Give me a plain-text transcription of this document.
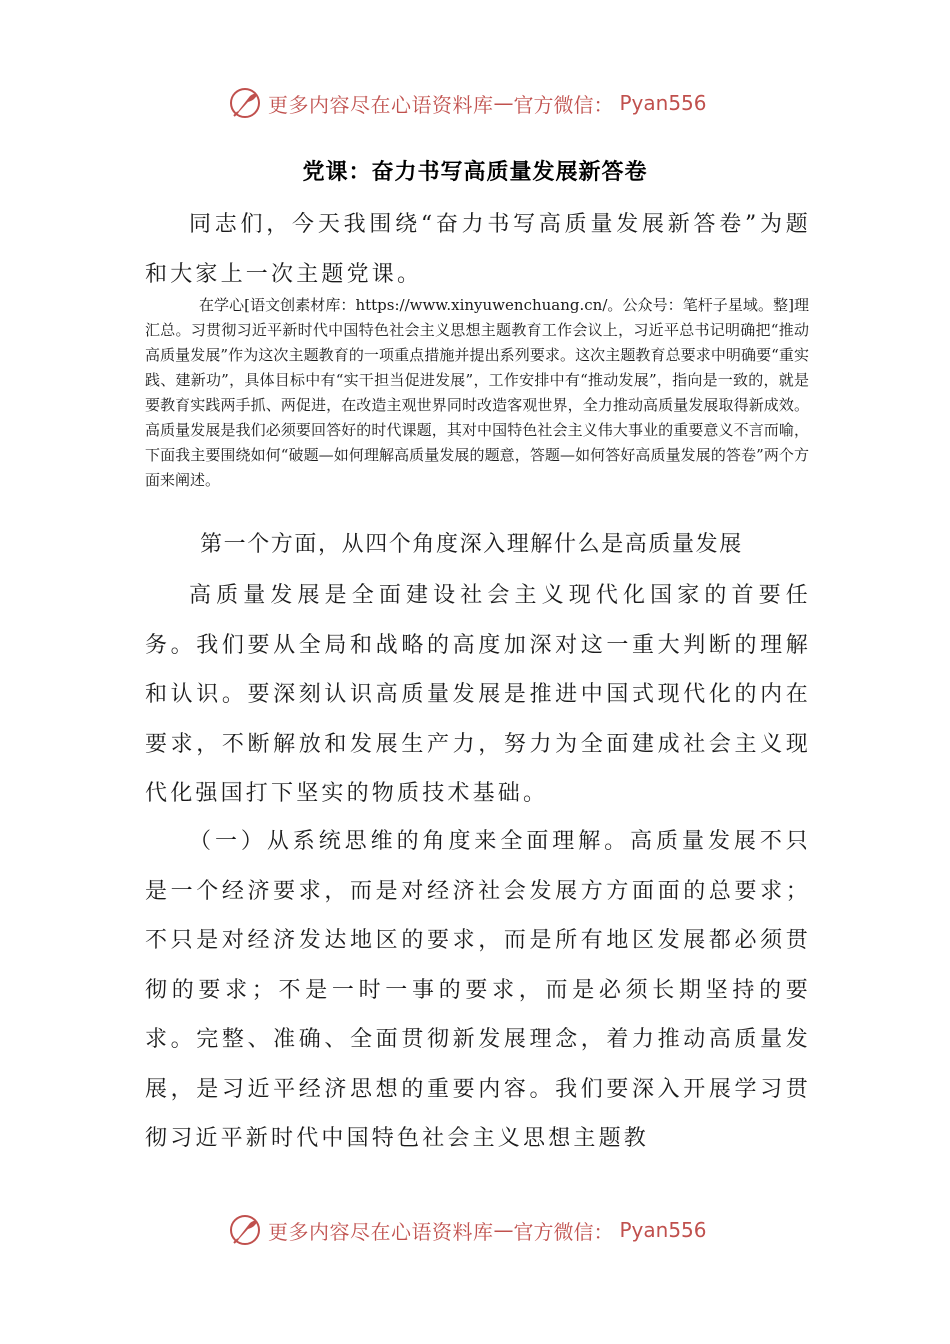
更多内容尽在心语资料库 — 官方微信： Pyan556
党课：奋力书写高质量发展新答卷

同志们，今天我围绕“奋力书写高质量发展新答卷”为题和大家上一次主题党课。

在学心[语文创素材库：https://www.xinyuwenchuang.cn/。公众号：笔杆子星域。整]理汇总。习贯彻习近平新时代中国特色社会主义思想主题教育工作会议上，习近平总书记明确把“推动高质量发展”作为这次主题教育的一项重点措施并提出系列要求。这次主题教育总要求中明确要“重实践、建新功”，具体目标中有“实干担当促进发展”，工作安排中有“推动发展”，指向是一致的，就是要教育实践两手抓、两促进，在改造主观世界同时改造客观世界，全力推动高质量发展取得新成效。高质量发展是我们必须要回答好的时代课题，其对中国特色社会主义伟大事业的重要意义不言而喻，下面我主要围绕如何“破题—如何理解高质量发展的题意，答题—如何答好高质量发展的答卷”两个方面来阐述。

第一个方面，从四个角度深入理解什么是高质量发展

高质量发展是全面建设社会主义现代化国家的首要任务。我们要从全局和战略的高度加深对这一重大判断的理解和认识。要深刻认识高质量发展是推进中国式现代化的内在要求，不断解放和发展生产力，努力为全面建成社会主义现代化强国打下坚实的物质技术基础。

（一）从系统思维的角度来全面理解。高质量发展不只是一个经济要求，而是对经济社会发展方方面面的总要求；不只是对经济发达地区的要求，而是所有地区发展都必须贯彻的要求；不是一时一事的要求，而是必须长期坚持的要求。完整、准确、全面贯彻新发展理念，着力推动高质量发展，是习近平经济思想的重要内容。我们要深入开展学习贯彻习近平新时代中国特色社会主义思想主题教

更多内容尽在心语资料库 — 官方微信： Pyan556
